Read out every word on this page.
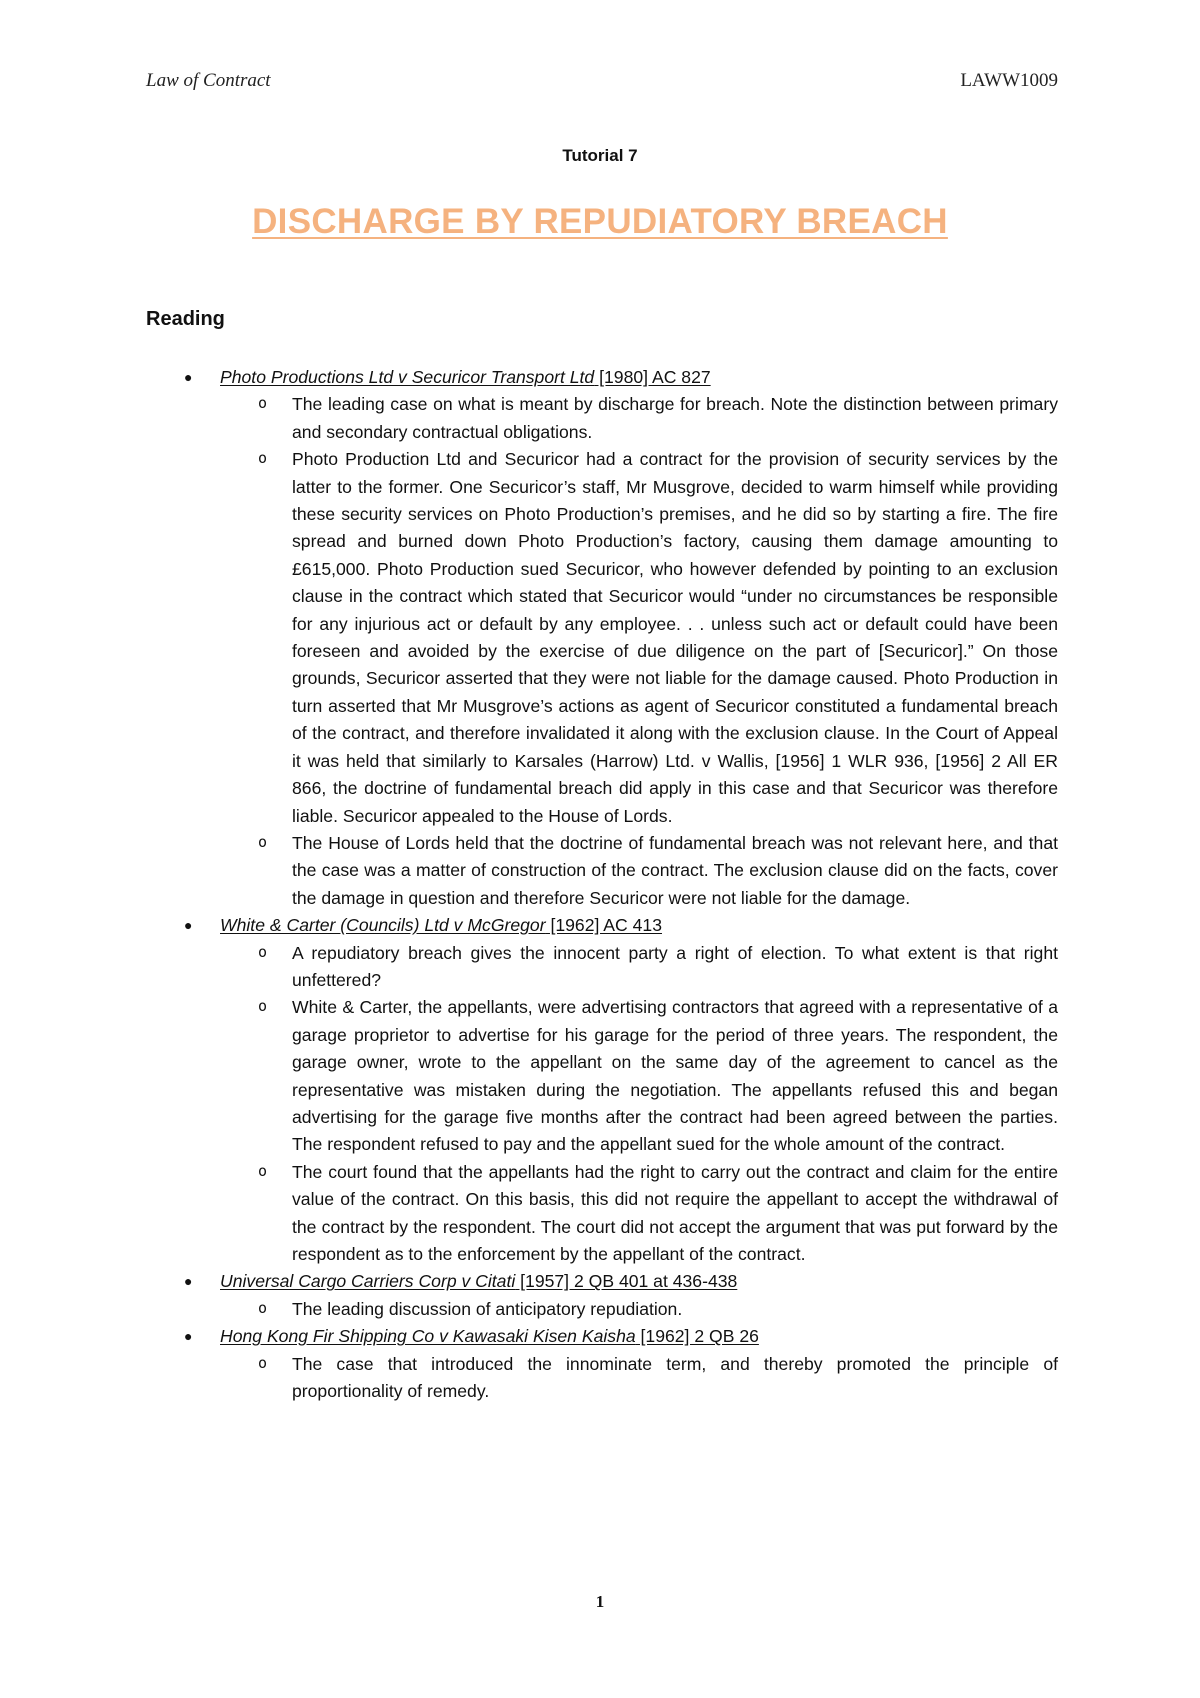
Law of Contract	LAWW1009
Tutorial 7
DISCHARGE BY REPUDIATORY BREACH
Reading
● Photo Productions Ltd v Securicor Transport Ltd [1980] AC 827

o The leading case on what is meant by discharge for breach. Note the distinction between primary and secondary contractual obligations.

o Photo Production Ltd and Securicor had a contract for the provision of security services by the latter to the former. One Securicor’s staff, Mr Musgrove, decided to warm himself while providing these security services on Photo Production’s premises, and he did so by starting a fire. The fire spread and burned down Photo Production’s factory, causing them damage amounting to £615,000. Photo Production sued Securicor, who however defended by pointing to an exclusion clause in the contract which stated that Securicor would “under no circumstances be responsible for any injurious act or default by any employee. . . unless such act or default could have been foreseen and avoided by the exercise of due diligence on the part of [Securicor].” On those grounds, Securicor asserted that they were not liable for the damage caused. Photo Production in turn asserted that Mr Musgrove’s actions as agent of Securicor constituted a fundamental breach of the contract, and therefore invalidated it along with the exclusion clause. In the Court of Appeal it was held that similarly to Karsales (Harrow) Ltd. v Wallis, [1956] 1 WLR 936, [1956] 2 All ER 866, the doctrine of fundamental breach did apply in this case and that Securicor was therefore liable. Securicor appealed to the House of Lords.

o The House of Lords held that the doctrine of fundamental breach was not relevant here, and that the case was a matter of construction of the contract. The exclusion clause did on the facts, cover the damage in question and therefore Securicor were not liable for the damage.

● White & Carter (Councils) Ltd v McGregor [1962] AC 413

o A repudiatory breach gives the innocent party a right of election. To what extent is that right unfettered?

o White & Carter, the appellants, were advertising contractors that agreed with a representative of a garage proprietor to advertise for his garage for the period of three years. The respondent, the garage owner, wrote to the appellant on the same day of the agreement to cancel as the representative was mistaken during the negotiation. The appellants refused this and began advertising for the garage five months after the contract had been agreed between the parties. The respondent refused to pay and the appellant sued for the whole amount of the contract.

o The court found that the appellants had the right to carry out the contract and claim for the entire value of the contract. On this basis, this did not require the appellant to accept the withdrawal of the contract by the respondent. The court did not accept the argument that was put forward by the respondent as to the enforcement by the appellant of the contract.

● Universal Cargo Carriers Corp v Citati [1957] 2 QB 401 at 436-438

o The leading discussion of anticipatory repudiation.

● Hong Kong Fir Shipping Co v Kawasaki Kisen Kaisha [1962] 2 QB 26

o The case that introduced the innominate term, and thereby promoted the principle of proportionality of remedy.

1
